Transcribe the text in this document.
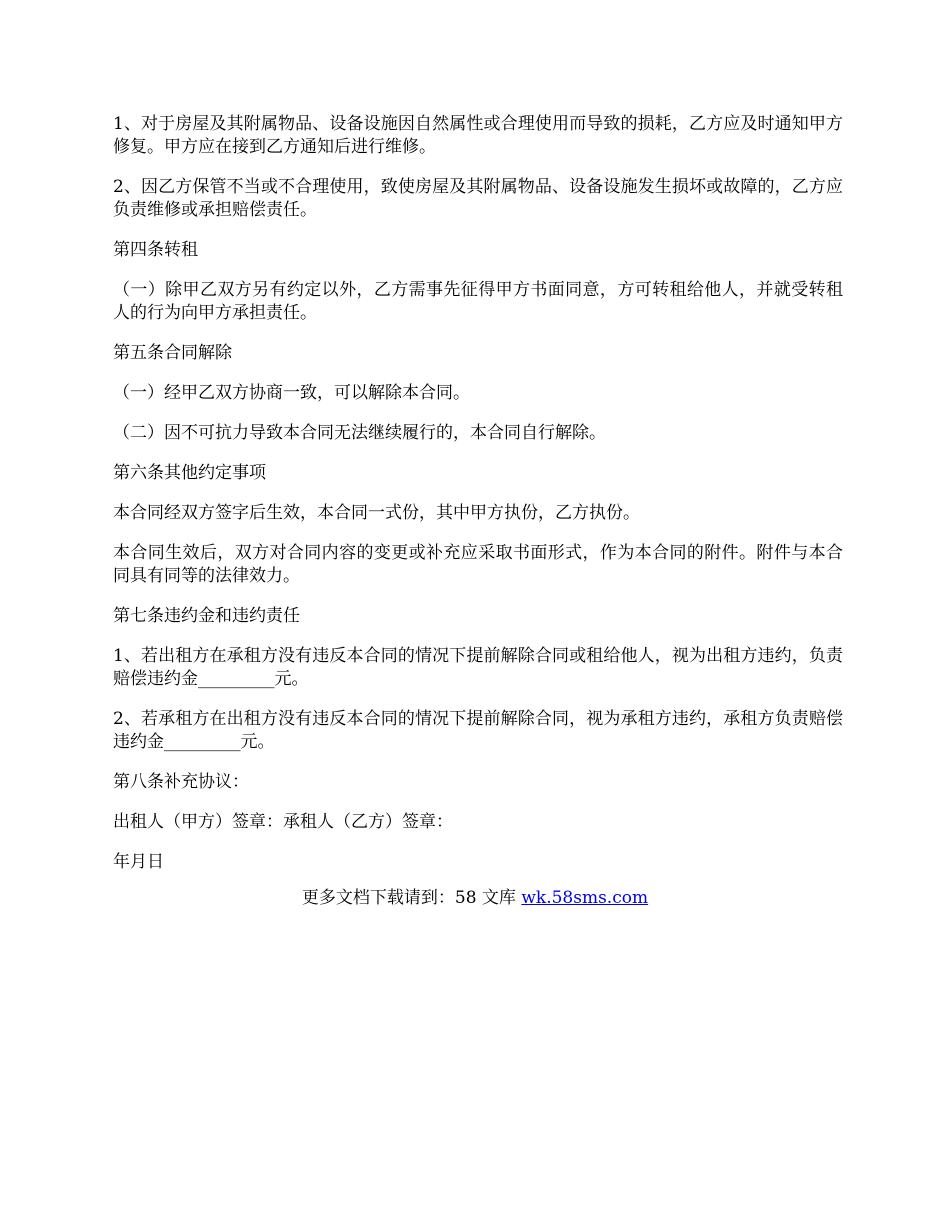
1、对于房屋及其附属物品、设备设施因自然属性或合理使用而导致的损耗，乙方应及时通知甲方修复。甲方应在接到乙方通知后进行维修。

2、因乙方保管不当或不合理使用，致使房屋及其附属物品、设备设施发生损坏或故障的，乙方应负责维修或承担赔偿责任。

第四条转租

（一）除甲乙双方另有约定以外，乙方需事先征得甲方书面同意，方可转租给他人，并就受转租人的行为向甲方承担责任。

第五条合同解除

（一）经甲乙双方协商一致，可以解除本合同。

（二）因不可抗力导致本合同无法继续履行的，本合同自行解除。

第六条其他约定事项

本合同经双方签字后生效，本合同一式份，其中甲方执份，乙方执份。

本合同生效后，双方对合同内容的变更或补充应采取书面形式，作为本合同的附件。附件与本合同具有同等的法律效力。

第七条违约金和违约责任

1、若出租方在承租方没有违反本合同的情况下提前解除合同或租给他人，视为出租方违约，负责赔偿违约金_________元。

2、若承租方在出租方没有违反本合同的情况下提前解除合同，视为承租方违约，承租方负责赔偿违约金_________元。

第八条补充协议：

出租人（甲方）签章：承租人（乙方）签章：

年月日

更多文档下载请到：58 文库 wk.58sms.com
